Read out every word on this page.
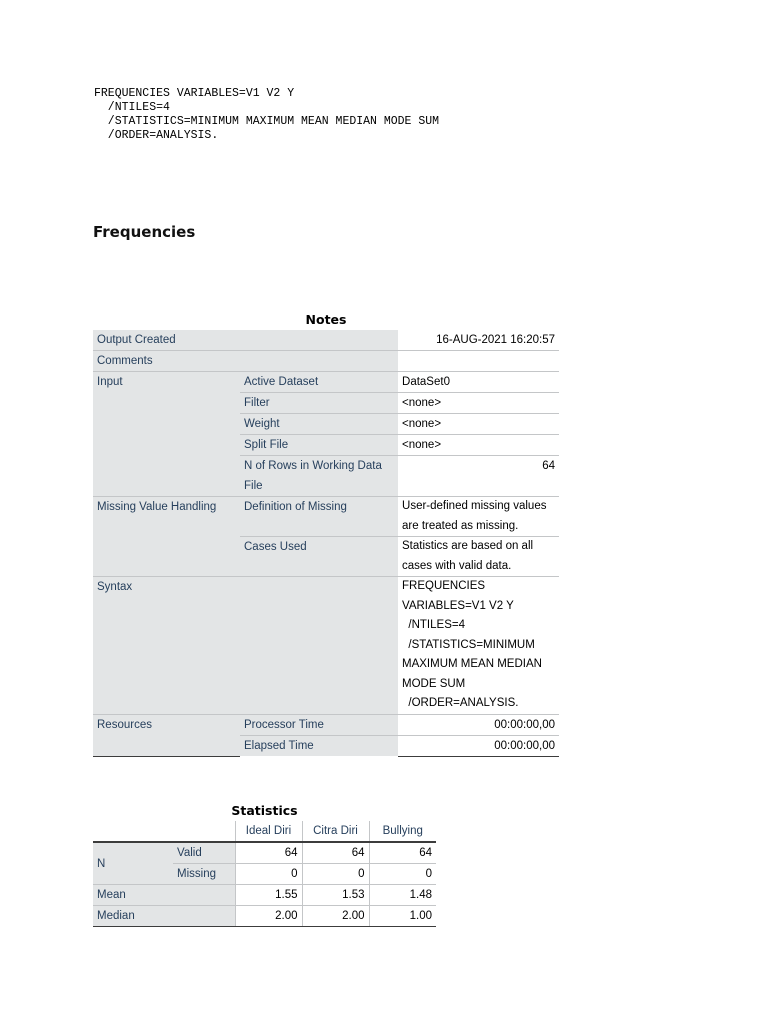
FREQUENCIES VARIABLES=V1 V2 Y
/NTILES=4
/STATISTICS=MINIMUM MAXIMUM MEAN MEDIAN MODE SUM
/ORDER=ANALYSIS.
Frequencies
Notes
Output Created		16-AUG-2021 16:20:57
Comments		
Input	Active Dataset	DataSet0
	Filter	<none>
	Weight	<none>
	Split File	<none>
	N of Rows in Working Data File	64
Missing Value Handling	Definition of Missing	User-defined missing values are treated as missing.
	Cases Used	Statistics are based on all cases with valid data.
Syntax		FREQUENCIES VARIABLES=V1 V2 Y
/NTILES=4
/STATISTICS=MINIMUM MAXIMUM MEAN MEDIAN MODE SUM
/ORDER=ANALYSIS.
Resources	Processor Time	00:00:00,00
	Elapsed Time	00:00:00,00
Statistics
		Ideal Diri	Citra Diri	Bullying
N	Valid	64	64	64
	Missing	0	0	0
Mean		1.55	1.53	1.48
Median		2.00	2.00	1.00
